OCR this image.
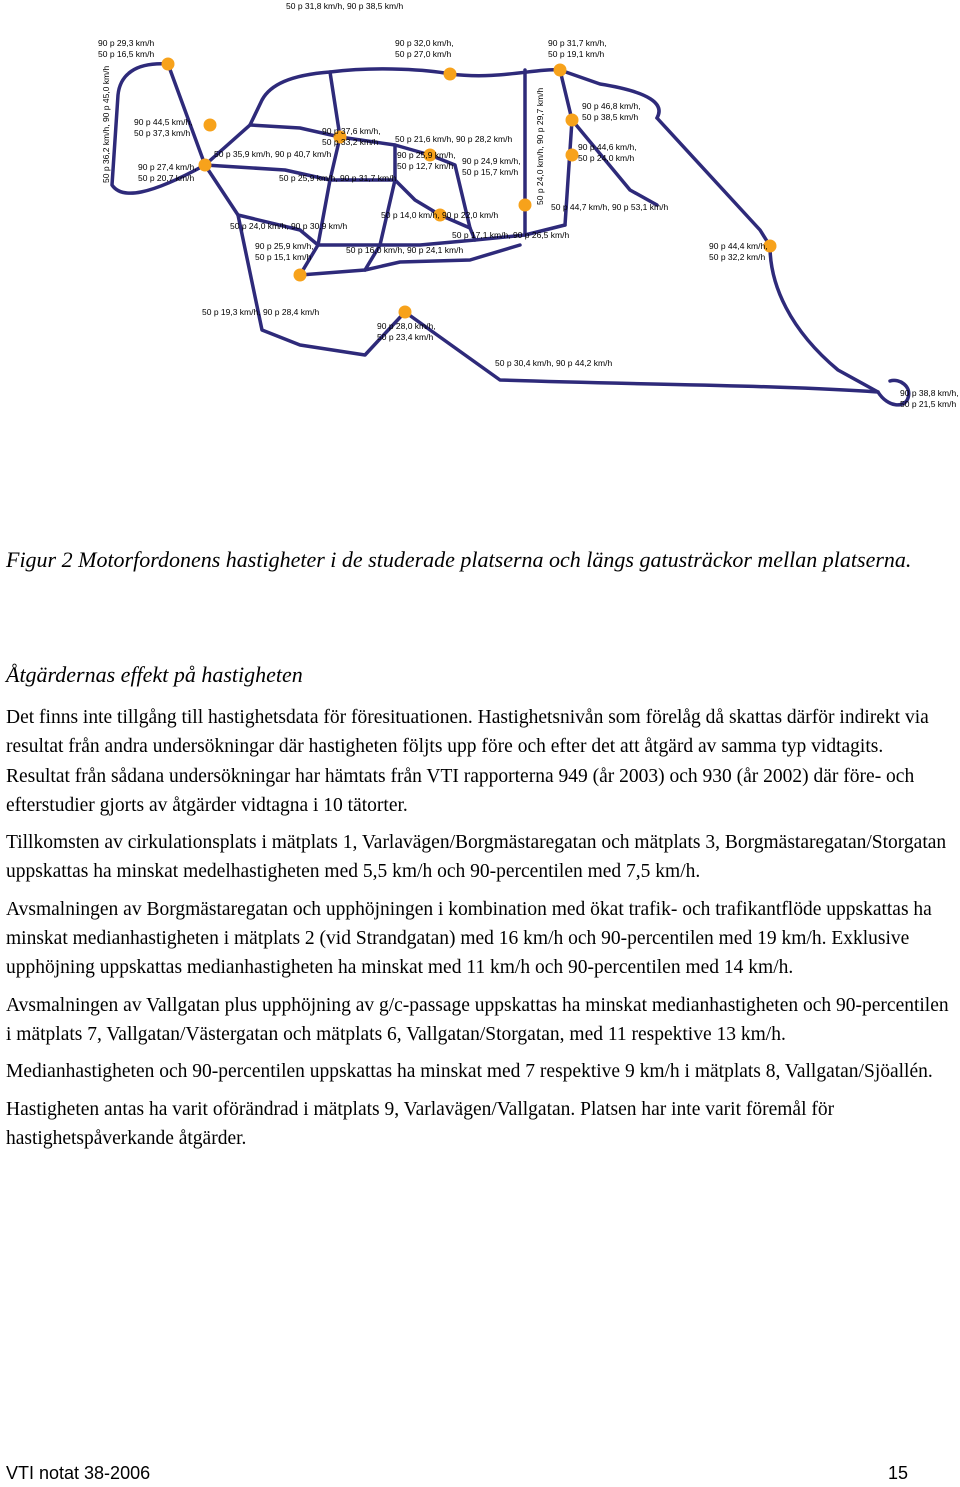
50 p 31,8 km/h, 90 p 38,5 km/h
90 p 29,3 km/h
50 p 16,5 km/h
90 p 32,0 km/h,
50 p 27,0 km/h
90 p 31,7 km/h,
50 p 19,1 km/h
90 p 44,5 km/h,
50 p 37,3 km/h	90 p 37,6 km/h,
50 p 33,2 km/h 50 p 21,6 km/h, 90 p 28,2 km/h
50 p 35,9 km/h, 90 p 40,7 km/h	90 p 25,9 km/h,
50 p 12,7 km/h 90 p 24,9 km/h,
50 p 15,7 km/h
90 p 27,4 km/h,
50 p 20,7 km/h	50 p 25,9 km/h, 90 p 31,7 km/h
90 p 46,8 km/h,
50 p 38,5 km/h
90 p 44,6 km/h,
50 p 24,0 km/h
50 p 44,7 km/h, 90 p 53,1 km/h
50 p 14,0 km/h, 90 p 22,0 km/h
50 p 24,0 km/h, 90 p 30,9 km/h
50 p 17,1 km/h, 90 p 26,5 km/h
90 p 25,9 km/h,
50 p 15,1 km/h
50 p 16,0 km/h, 90 p 24,1 km/h	90 p 44,4 km/h,
50 p 32,2 km/h
50 p 19,3 km/h, 90 p 28,4 km/h
90 p 28,0 km/h,
50 p 23,4 km/h
50 p 30,4 km/h, 90 p 44,2 km/h
90 p 38,8 km/h,
50 p 21,5 km/h
50 p 36,2 km/h, 90 p 45,0 km/h	50 p 24,0 km/h, 90 p 29,7 km/h
Figur 2 Motorfordonens hastigheter i de studerade platserna och längs gatusträckor mellan platserna.
Åtgärdernas effekt på hastigheten

Det finns inte tillgång till hastighetsdata för föresituationen. Hastighetsnivån som förelåg då skattas därför indirekt via resultat från andra undersökningar där hastigheten följts upp före och efter det att åtgärd av samma typ vidtagits. Resultat från sådana undersökningar har hämtats från VTI rapporterna 949 (år 2003) och 930 (år 2002) där före- och efterstudier gjorts av åtgärder vidtagna i 10 tätorter.

Tillkomsten av cirkulationsplats i mätplats 1, Varlavägen/Borgmästaregatan och mätplats 3, Borgmästaregatan/Storgatan uppskattas ha minskat medelhastigheten med 5,5 km/h och 90-percentilen med 7,5 km/h.

Avsmalningen av Borgmästaregatan och upphöjningen i kombination med ökat trafik- och trafikantflöde uppskattas ha minskat medianhastigheten i mätplats 2 (vid Strandgatan) med 16 km/h och 90-percentilen med 19 km/h. Exklusive upphöjning uppskattas medianhastigheten ha minskat med 11 km/h och 90-percentilen med 14 km/h.

Avsmalningen av Vallgatan plus upphöjning av g/c-passage uppskattas ha minskat medianhastigheten och 90-percentilen i mätplats 7, Vallgatan/Västergatan och mätplats 6, Vallgatan/Storgatan, med 11 respektive 13 km/h.

Medianhastigheten och 90-percentilen uppskattas ha minskat med 7 respektive 9 km/h i mätplats 8, Vallgatan/Sjöallén.

Hastigheten antas ha varit oförändrad i mätplats 9, Varlavägen/Vallgatan. Platsen har inte varit föremål för hastighetspåverkande åtgärder.

VTI notat 38-2006	15
